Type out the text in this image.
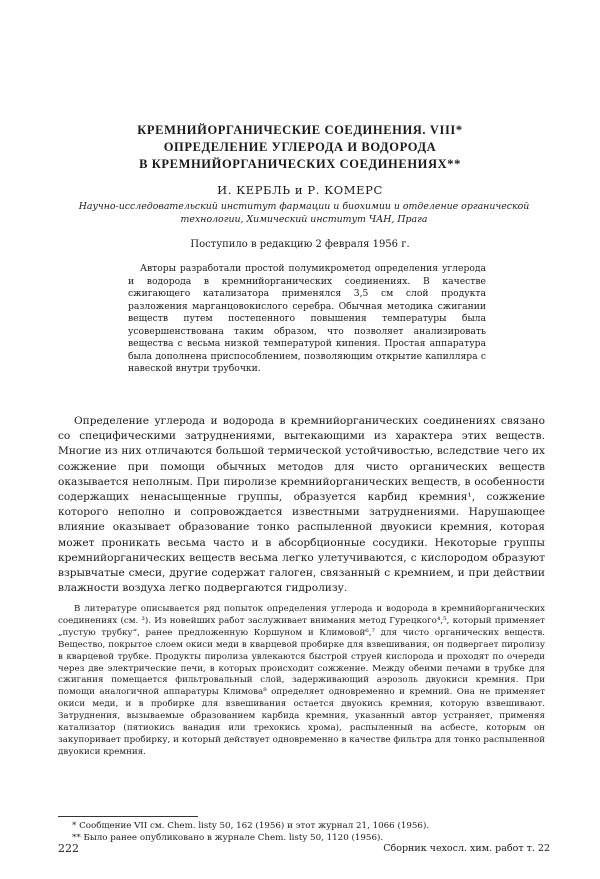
КРЕМНИЙОРГАНИЧЕСКИЕ СОЕДИНЕНИЯ. VIII*
ОПРЕДЕЛЕНИЕ УГЛЕРОДА И ВОДОРОДА
В КРЕМНИЙОРГАНИЧЕСКИХ СОЕДИНЕНИЯХ**
И. КЕРБЛЬ и Р. КОМЕРС
Научно-исследовательский институт фармации и биохимии и отделение органической технологии, Химический институт ЧАН, Прага
Поступило в редакцию 2 февраля 1956 г.

Авторы разработали простой полумикрометод определения углерода и водорода в кремнийорганических соединениях. В качестве сжигающего катализатора применялся 3,5 см слой продукта разложения марганцовокислого серебра. Обычная методика сжигании веществ путем постепенного повышения температуры была усовершенствована таким образом, что позволяет анализировать вещества с весьма низкой температурой кипения. Простая аппаратура была дополнена приспособлением, позволяющим открытие капилляра с навеской внутри трубочки.

Определение углерода и водорода в кремнийорганических соединениях связано со специфическими затруднениями, вытекающими из характера этих веществ. Многие из них отличаются большой термической устойчивостью, вследствие чего их сожжение при помощи обычных методов для чисто органических веществ оказывается неполным. При пиролизе кремнийорганических веществ, в особенности содержащих ненасыщенные группы, образуется карбид кремния¹, сожжение которого неполно и сопровождается известными затруднениями. Нарушающее влияние оказывает образование тонко распыленной двуокиси кремния, которая может проникать весьма часто и в абсорбционные сосудики. Некоторые группы кремнийорганических веществ весьма легко улетучиваются, с кислородом образуют взрывчатые смеси, другие содержат галоген, связанный с кремнием, и при действии влажности воздуха легко подвергаются гидролизу.

В литературе описывается ряд попыток определения углерода и водорода в кремнийорганических соединениях (см. ³). Из новейших работ заслуживает внимания метод Гурецкого⁴,⁵, который применяет „пустую трубку“, ранее предложенную Коршуном и Климовой⁶,⁷ для чисто органических веществ. Вещество, покрытое слоем окиси меди в кварцевой пробирке для взвешивания, он подвергает пиролизу в кварцевой трубке. Продукты пиролиза увлекаются быстрой струей кислорода и проходят по очереди через две электрические печи, в которых происходит сожжение. Между обеими печами в трубке для сжигания помещается фильтровальный слой, задерживающий аэрозоль двуокиси кремния. При помощи аналогичной аппаратуры Климова⁸ определяет одновременно и кремний. Она не применяет окиси меди, и в пробирке для взвешивания остается двуокись кремния, которую взвешивают. Затруднения, вызываемые образованием карбида кремния, указанный автор устраняет, применяя катализатор (пятиокись ванадия или трехокись хрома), распыленный на асбесте, которым он закупоривает пробирку, и который действует одновременно в качестве фильтра для тонко распыленной двуокиси кремния.

* Сообщение VII см. Chem. listy 50, 162 (1956) и этот журнал 21, 1066 (1956).
** Было ранее опубликовано в журнале Chem. listy 50, 1120 (1956).
222	Сборник чехосл. хим. работ т. 22
